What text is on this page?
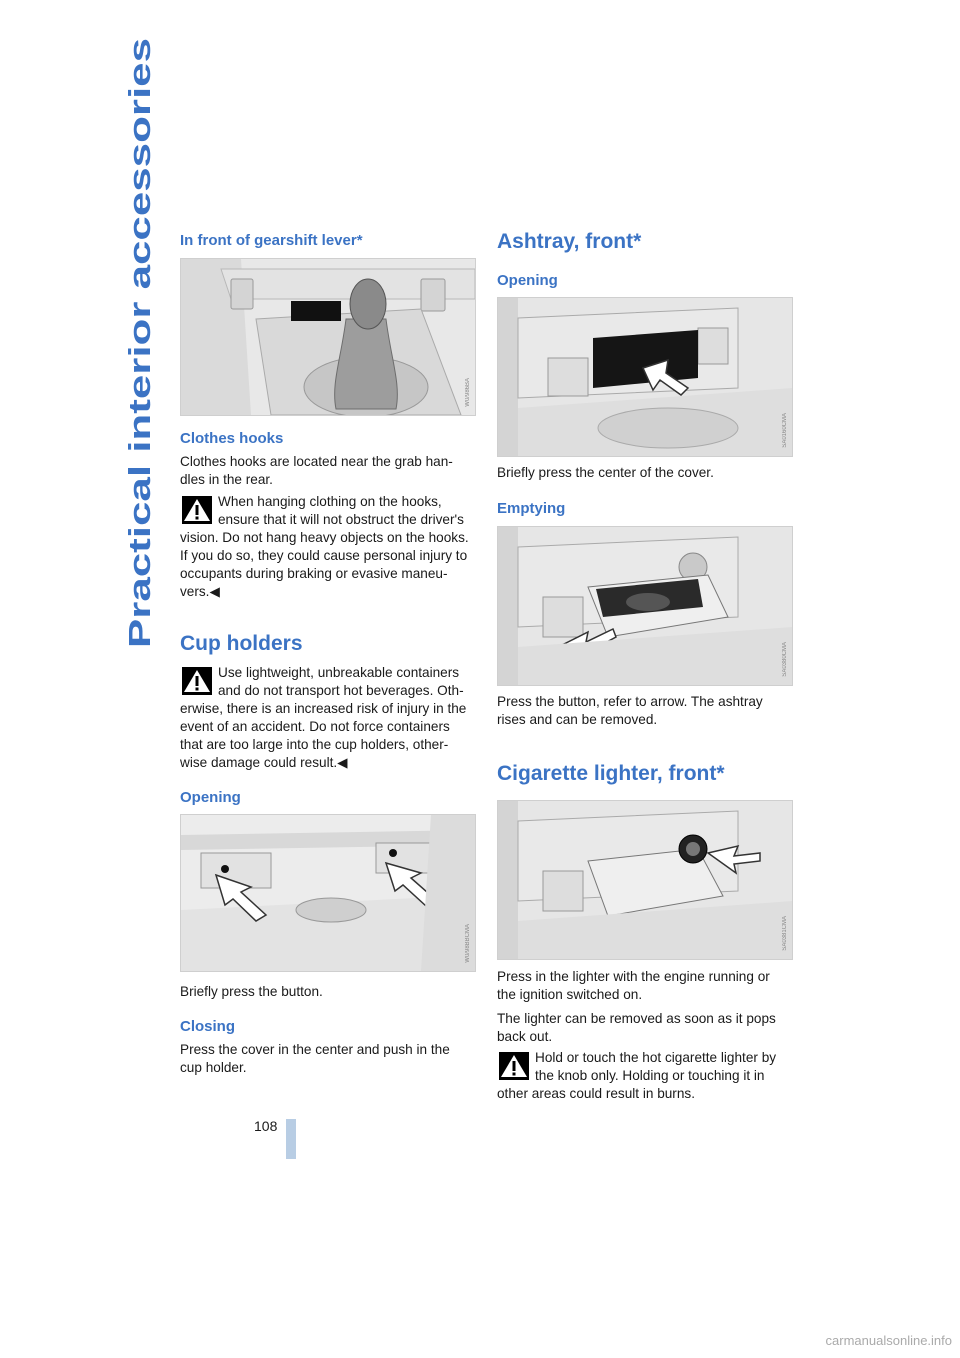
Practical interior accessories In front of gearshift lever*
W0/986BA
Clothes hooks

Clothes hooks are located near the grab han-dles in the rear.

When hanging clothing on the hooks, ensure that it will not obstruct the driver's vision. Do not hang heavy objects on the hooks. If you do so, they could cause personal injury to occupants during braking or evasive maneu-vers.◀
Cup holders
Use lightweight, unbreakable containers and do not transport hot beverages. Oth-erwise, there is an increased risk of injury in the event of an accident. Do not force containers that are too large into the cup holders, other-wise damage could result.◀
Opening
W0/98BBCMA

Briefly press the button.

Closing

Press the cover in the center and push in the cup holder.

Ashtray, front*
Opening
SA0160CMA

Briefly press the center of the cover.

Emptying
SA0380CMA

Press the button, refer to arrow. The ashtray rises and can be removed.

Cigarette lighter, front*
SA0381CMA

Press in the lighter with the engine running or the ignition switched on.

The lighter can be removed as soon as it pops back out.

Hold or touch the hot cigarette lighter by the knob only. Holding or touching it in other areas could result in burns.
108
carmanualsonline.info
